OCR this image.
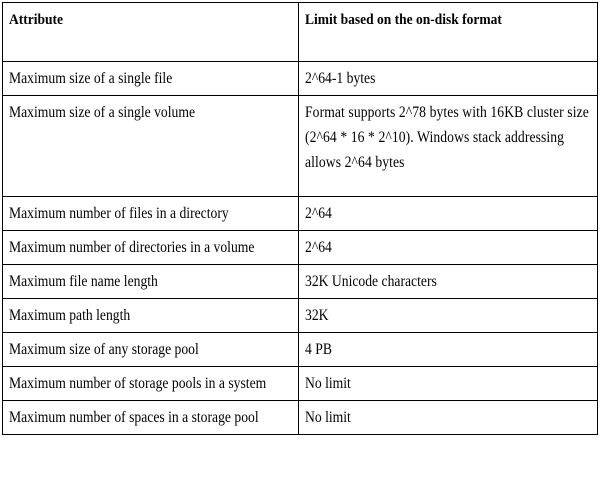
Attribute	Limit based on the on-disk format
Maximum size of a single file	2^64-1 bytes
Maximum size of a single volume	Format supports 2^78 bytes with 16KB cluster size (2^64 * 16 * 2^10). Windows stack addressing allows 2^64 bytes
Maximum number of files in a directory	2^64
Maximum number of directories in a volume	2^64
Maximum file name length	32K Unicode characters
Maximum path length	32K
Maximum size of any storage pool	4 PB
Maximum number of storage pools in a system	No limit
Maximum number of spaces in a storage pool	No limit
